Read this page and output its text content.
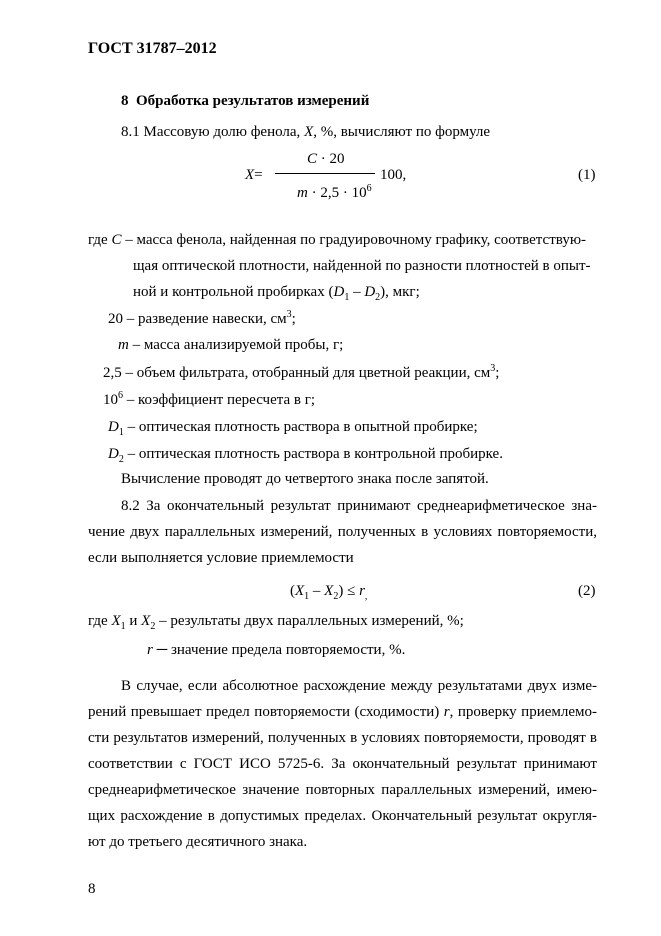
ГОСТ 31787–2012
8 Обработка результатов измерений
8.1 Массовую долю фенола, X, %, вычисляют по формуле
X=
C · 20
$m \cdot 2,5 \cdot 10^6$
100,	(1)
где C – масса фенола, найденная по градуировочному графику, соответствую-
щая оптической плотности, найденной по разности плотностей в опыт-
ной и контрольной пробирках $(D_1 - D_2)$, мкг;
20 – разведение навески, $см^3$;
m – масса анализируемой пробы, г;
2,5 – объем фильтрата, отобранный для цветной реакции, $см^3$;
$10^6$ – коэффициент пересчета в г;
$D_1$ – оптическая плотность раствора в опытной пробирке;
$D_2$ – оптическая плотность раствора в контрольной пробирке.
Вычисление проводят до четвертого знака после запятой.
8.2 За окончательный результат принимают среднеарифметическое зна-
чение двух параллельных измерений, полученных в условиях повторяемости,
если выполняется условие приемлемости
$(X_1 - X_2) \le r_,$	(2)
где $X_1$ и $X_2$ – результаты двух параллельных измерений, %;
r ─ значение предела повторяемости, %.
В случае, если абсолютное расхождение между результатами двух изме-
рений превышает предел повторяемости (сходимости) r, проверку приемлемо-
сти результатов измерений, полученных в условиях повторяемости, проводят в
соответствии с ГОСТ ИСО 5725-6. За окончательный результат принимают
среднеарифметическое значение повторных параллельных измерений, имею-
щих расхождение в допустимых пределах. Окончательный результат округля-
ют до третьего десятичного знака.
8
